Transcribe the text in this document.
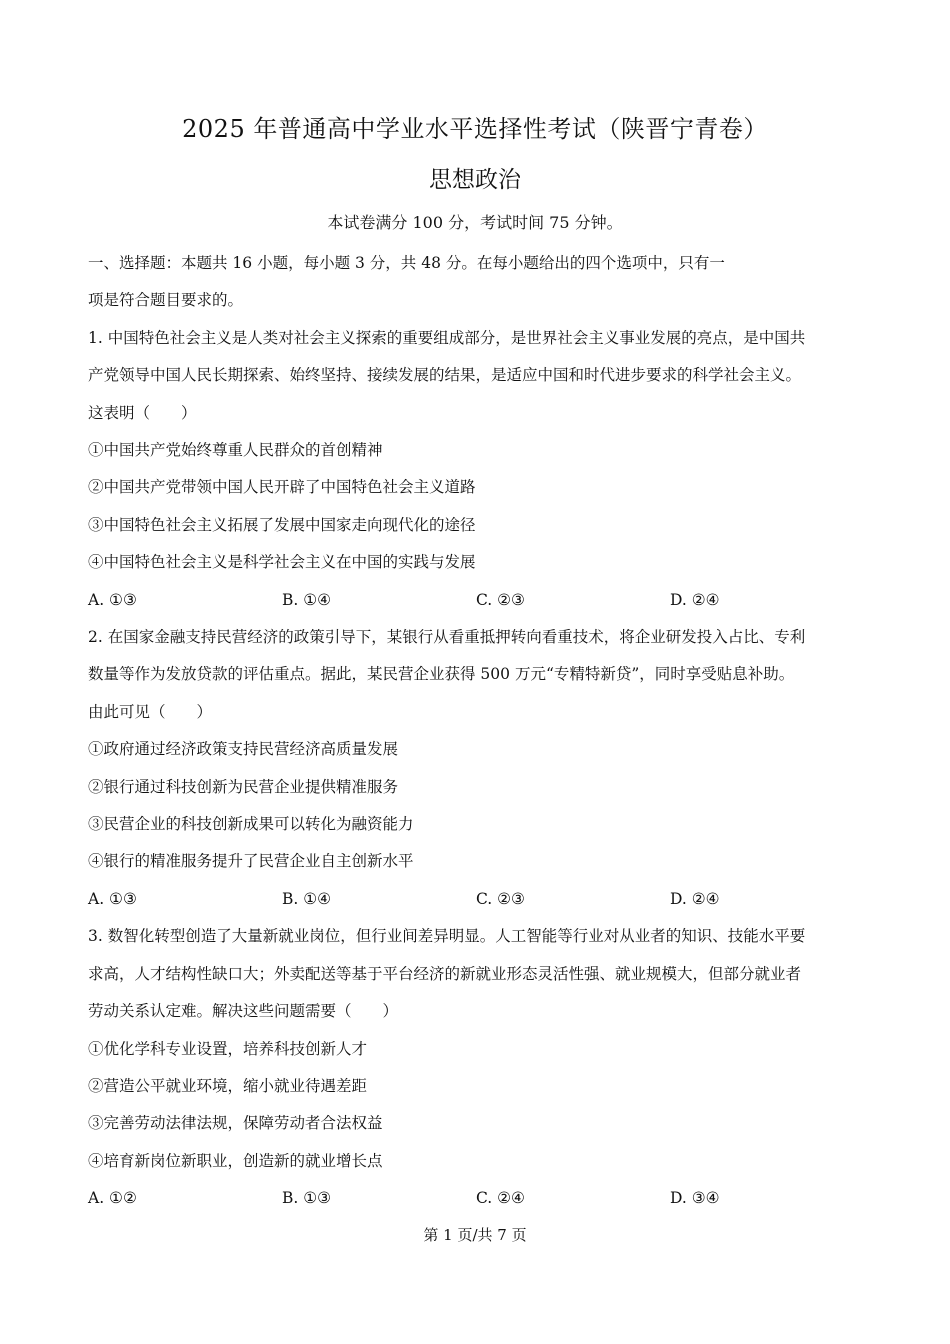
2025 年普通高中学业水平选择性考试（陕晋宁青卷）
思想政治
本试卷满分 100 分，考试时间 75 分钟。
一、选择题：本题共 16 小题，每小题 3 分，共 48 分。在每小题给出的四个选项中，只有一
项是符合题目要求的。
1. 中国特色社会主义是人类对社会主义探索的重要组成部分，是世界社会主义事业发展的亮点，是中国共
产党领导中国人民长期探索、始终坚持、接续发展的结果，是适应中国和时代进步要求的科学社会主义。
这表明（　　）
①中国共产党始终尊重人民群众的首创精神
②中国共产党带领中国人民开辟了中国特色社会主义道路
③中国特色社会主义拓展了发展中国家走向现代化的途径
④中国特色社会主义是科学社会主义在中国的实践与发展
A. ①③	B. ①④	C. ②③	D. ②④
2. 在国家金融支持民营经济的政策引导下，某银行从看重抵押转向看重技术，将企业研发投入占比、专利
数量等作为发放贷款的评估重点。据此，某民营企业获得 500 万元“专精特新贷”，同时享受贴息补助。
由此可见（　　）
①政府通过经济政策支持民营经济高质量发展
②银行通过科技创新为民营企业提供精准服务
③民营企业的科技创新成果可以转化为融资能力
④银行的精准服务提升了民营企业自主创新水平
A. ①③	B. ①④	C. ②③	D. ②④
3. 数智化转型创造了大量新就业岗位，但行业间差异明显。人工智能等行业对从业者的知识、技能水平要
求高，人才结构性缺口大；外卖配送等基于平台经济的新就业形态灵活性强、就业规模大，但部分就业者
劳动关系认定难。解决这些问题需要（　　）
①优化学科专业设置，培养科技创新人才
②营造公平就业环境，缩小就业待遇差距
③完善劳动法律法规，保障劳动者合法权益
④培育新岗位新职业，创造新的就业增长点
A. ①②	B. ①③	C. ②④	D. ③④
第 1 页/共 7 页
